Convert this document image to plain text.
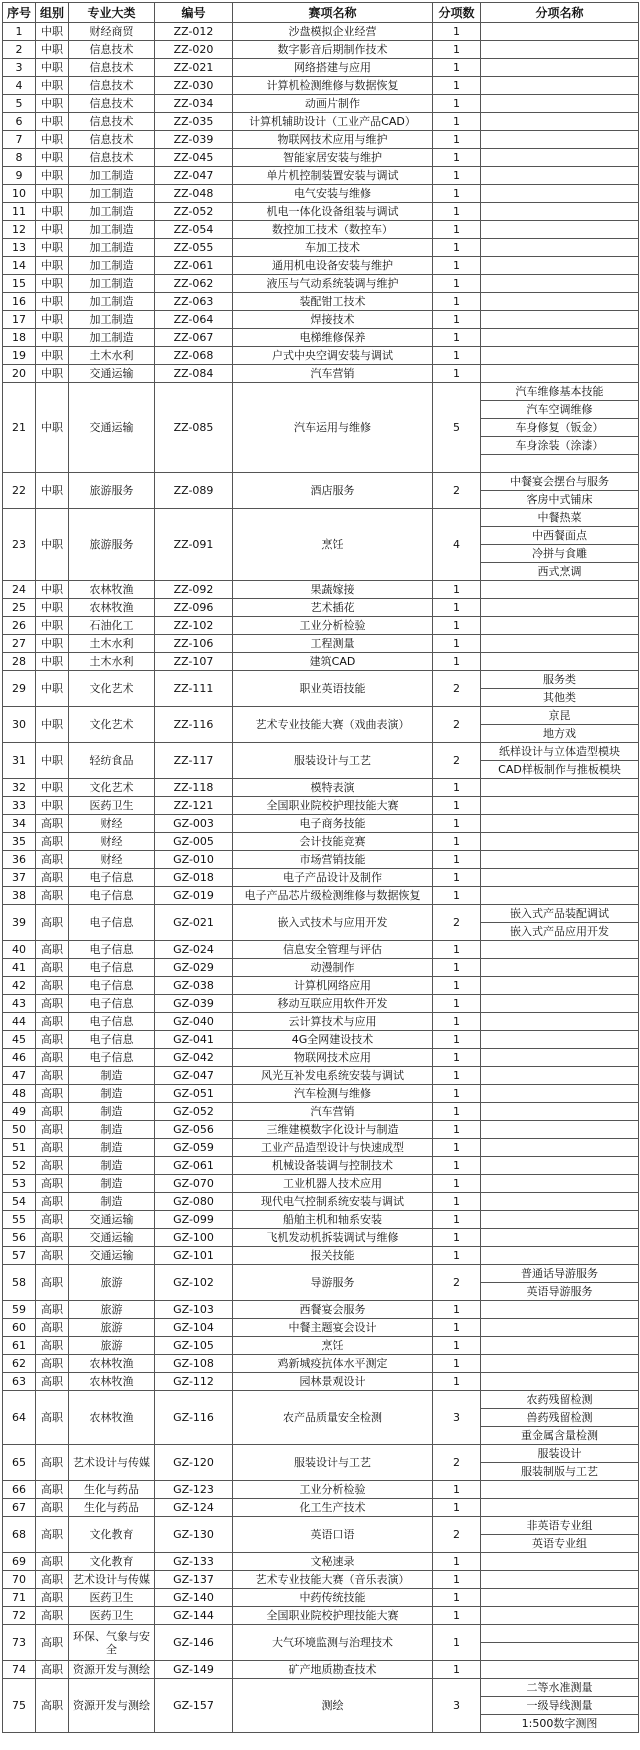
序号	组别	专业大类	编号	赛项名称	分项数	分项名称
1	中职	财经商贸	ZZ-012	沙盘模拟企业经营	1	
2	中职	信息技术	ZZ-020	数字影音后期制作技术	1	
3	中职	信息技术	ZZ-021	网络搭建与应用	1	
4	中职	信息技术	ZZ-030	计算机检测维修与数据恢复	1	
5	中职	信息技术	ZZ-034	动画片制作	1	
6	中职	信息技术	ZZ-035	计算机辅助设计（工业产品CAD）	1	
7	中职	信息技术	ZZ-039	物联网技术应用与维护	1	
8	中职	信息技术	ZZ-045	智能家居安装与维护	1	
9	中职	加工制造	ZZ-047	单片机控制装置安装与调试	1	
10	中职	加工制造	ZZ-048	电气安装与维修	1	
11	中职	加工制造	ZZ-052	机电一体化设备组装与调试	1	
12	中职	加工制造	ZZ-054	数控加工技术（数控车）	1	
13	中职	加工制造	ZZ-055	车加工技术	1	
14	中职	加工制造	ZZ-061	通用机电设备安装与维护	1	
15	中职	加工制造	ZZ-062	液压与气动系统装调与维护	1	
16	中职	加工制造	ZZ-063	装配钳工技术	1	
17	中职	加工制造	ZZ-064	焊接技术	1	
18	中职	加工制造	ZZ-067	电梯维修保养	1	
19	中职	土木水利	ZZ-068	户式中央空调安装与调试	1	
20	中职	交通运输	ZZ-084	汽车营销	1	
21	中职	交通运输	ZZ-085	汽车运用与维修	5	汽车维修基本技能
						汽车空调维修
						车身修复（钣金）
						车身涂装（涂漆）

22	中职	旅游服务	ZZ-089	酒店服务	2	中餐宴会摆台与服务
						客房中式铺床
23	中职	旅游服务	ZZ-091	烹饪	4	中餐热菜
						中西餐面点
						冷拼与食雕
						西式烹调
24	中职	农林牧渔	ZZ-092	果蔬嫁接	1	
25	中职	农林牧渔	ZZ-096	艺术插花	1	
26	中职	石油化工	ZZ-102	工业分析检验	1	
27	中职	土木水利	ZZ-106	工程测量	1	
28	中职	土木水利	ZZ-107	建筑CAD	1	
29	中职	文化艺术	ZZ-111	职业英语技能	2	服务类
						其他类
30	中职	文化艺术	ZZ-116	艺术专业技能大赛（戏曲表演）	2	京昆
						地方戏
31	中职	轻纺食品	ZZ-117	服装设计与工艺	2	纸样设计与立体造型模块
						CAD样板制作与推板模块
32	中职	文化艺术	ZZ-118	模特表演	1	
33	中职	医药卫生	ZZ-121	全国职业院校护理技能大赛	1	
34	高职	财经	GZ-003	电子商务技能	1	
35	高职	财经	GZ-005	会计技能竞赛	1	
36	高职	财经	GZ-010	市场营销技能	1	
37	高职	电子信息	GZ-018	电子产品设计及制作	1	
38	高职	电子信息	GZ-019	电子产品芯片级检测维修与数据恢复	1	
39	高职	电子信息	GZ-021	嵌入式技术与应用开发	2	嵌入式产品装配调试
						嵌入式产品应用开发
40	高职	电子信息	GZ-024	信息安全管理与评估	1	
41	高职	电子信息	GZ-029	动漫制作	1	
42	高职	电子信息	GZ-038	计算机网络应用	1	
43	高职	电子信息	GZ-039	移动互联应用软件开发	1	
44	高职	电子信息	GZ-040	云计算技术与应用	1	
45	高职	电子信息	GZ-041	4G全网建设技术	1	
46	高职	电子信息	GZ-042	物联网技术应用	1	
47	高职	制造	GZ-047	风光互补发电系统安装与调试	1	
48	高职	制造	GZ-051	汽车检测与维修	1	
49	高职	制造	GZ-052	汽车营销	1	
50	高职	制造	GZ-056	三维建模数字化设计与制造	1	
51	高职	制造	GZ-059	工业产品造型设计与快速成型	1	
52	高职	制造	GZ-061	机械设备装调与控制技术	1	
53	高职	制造	GZ-070	工业机器人技术应用	1	
54	高职	制造	GZ-080	现代电气控制系统安装与调试	1	
55	高职	交通运输	GZ-099	船舶主机和轴系安装	1	
56	高职	交通运输	GZ-100	飞机发动机拆装调试与维修	1	
57	高职	交通运输	GZ-101	报关技能	1	
58	高职	旅游	GZ-102	导游服务	2	普通话导游服务
						英语导游服务
59	高职	旅游	GZ-103	西餐宴会服务	1	
60	高职	旅游	GZ-104	中餐主题宴会设计	1	
61	高职	旅游	GZ-105	烹饪	1	
62	高职	农林牧渔	GZ-108	鸡新城疫抗体水平测定	1	
63	高职	农林牧渔	GZ-112	园林景观设计	1	
64	高职	农林牧渔	GZ-116	农产品质量安全检测	3	农药残留检测
						兽药残留检测
						重金属含量检测
65	高职	艺术设计与传媒	GZ-120	服装设计与工艺	2	服装设计
						服装制版与工艺
66	高职	生化与药品	GZ-123	工业分析检验	1	
67	高职	生化与药品	GZ-124	化工生产技术	1	
68	高职	文化教育	GZ-130	英语口语	2	非英语专业组
						英语专业组
69	高职	文化教育	GZ-133	文秘速录	1	
70	高职	艺术设计与传媒	GZ-137	艺术专业技能大赛（音乐表演）	1	
71	高职	医药卫生	GZ-140	中药传统技能	1	
72	高职	医药卫生	GZ-144	全国职业院校护理技能大赛	1	
73	高职	环保、气象与安全	GZ-146	大气环境监测与治理技术	1	

74	高职	资源开发与测绘	GZ-149	矿产地质勘查技术	1	
75	高职	资源开发与测绘	GZ-157	测绘	3	二等水准测量
						一级导线测量
						1:500数字测图
